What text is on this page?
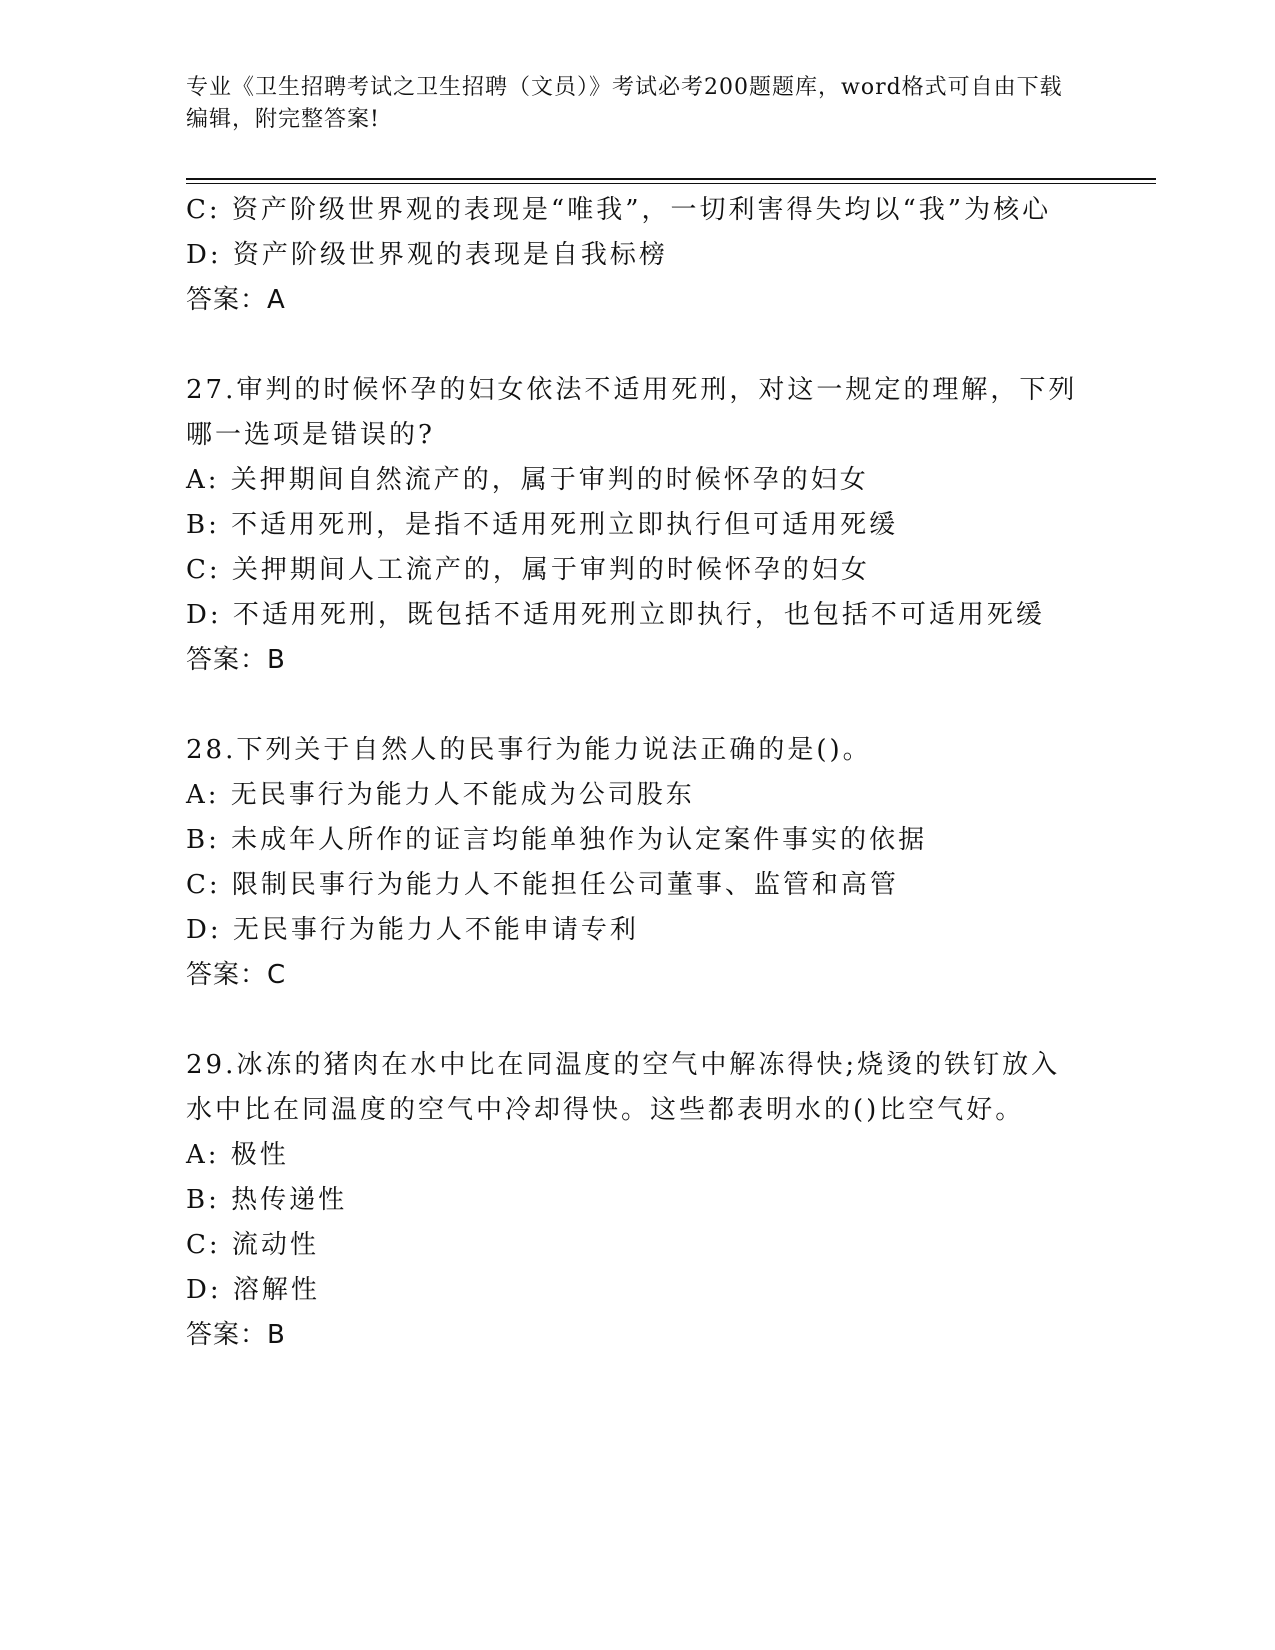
专业《卫生招聘考试之卫生招聘（文员）》考试必考200题题库，word格式可自由下载编辑，附完整答案!
C: 资产阶级世界观的表现是“唯我”，一切利害得失均以“我”为核心
D: 资产阶级世界观的表现是自我标榜
答案：A
27.审判的时候怀孕的妇女依法不适用死刑，对这一规定的理解，下列哪一选项是错误的?
A: 关押期间自然流产的，属于审判的时候怀孕的妇女
B: 不适用死刑，是指不适用死刑立即执行但可适用死缓
C: 关押期间人工流产的，属于审判的时候怀孕的妇女
D: 不适用死刑，既包括不适用死刑立即执行，也包括不可适用死缓
答案：B
28.下列关于自然人的民事行为能力说法正确的是()。
A: 无民事行为能力人不能成为公司股东
B: 未成年人所作的证言均能单独作为认定案件事实的依据
C: 限制民事行为能力人不能担任公司董事、监管和高管
D: 无民事行为能力人不能申请专利
答案：C
29.冰冻的猪肉在水中比在同温度的空气中解冻得快;烧烫的铁钉放入水中比在同温度的空气中冷却得快。这些都表明水的()比空气好。
A: 极性
B: 热传递性
C: 流动性
D: 溶解性
答案：B
